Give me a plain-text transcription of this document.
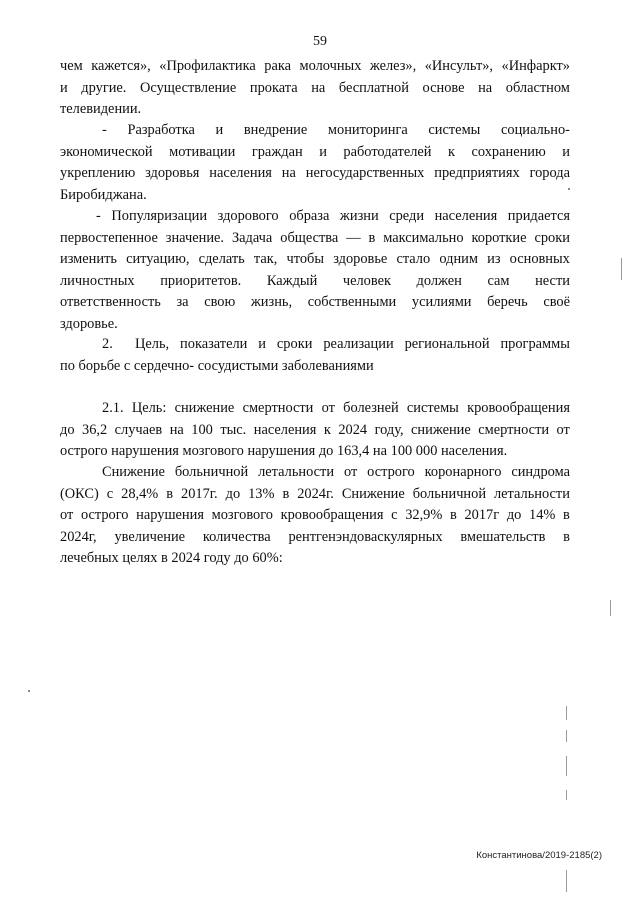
59
чем кажется», «Профилактика рака молочных желез», «Инсульт», «Инфаркт»
и другие. Осуществление проката на бесплатной основе на областном
телевидении.
- Разработка и внедрение мониторинга системы социально-
экономической мотивации граждан и работодателей к сохранению и
укреплению здоровья населения на негосударственных предприятиях города
Биробиджана.
- Популяризации здорового образа жизни среди населения придается
первостепенное значение. Задача общества — в максимально короткие сроки
изменить ситуацию, сделать так, чтобы здоровье стало одним из основных
личностных приоритетов. Каждый человек должен сам нести
ответственность за свою жизнь, собственными усилиями беречь своё
здоровье.
2.	Цель, показатели и сроки реализации региональной программы
по борьбе с сердечно- сосудистыми заболеваниями
2.1. Цель: снижение смертности от болезней системы кровообращения
до 36,2 случаев на 100 тыс. населения к 2024 году, снижение смертности от
острого нарушения мозгового нарушения до 163,4 на 100 000 населения.
Снижение больничной летальности от острого коронарного синдрома
(ОКС) с 28,4% в 2017г. до 13% в 2024г. Снижение больничной летальности
от острого нарушения мозгового кровообращения с 32,9% в 2017г до 14% в
2024г, увеличение количества рентгенэндоваскулярных вмешательств в
лечебных целях в 2024 году до 60%:
Константинова/2019-2185(2)
